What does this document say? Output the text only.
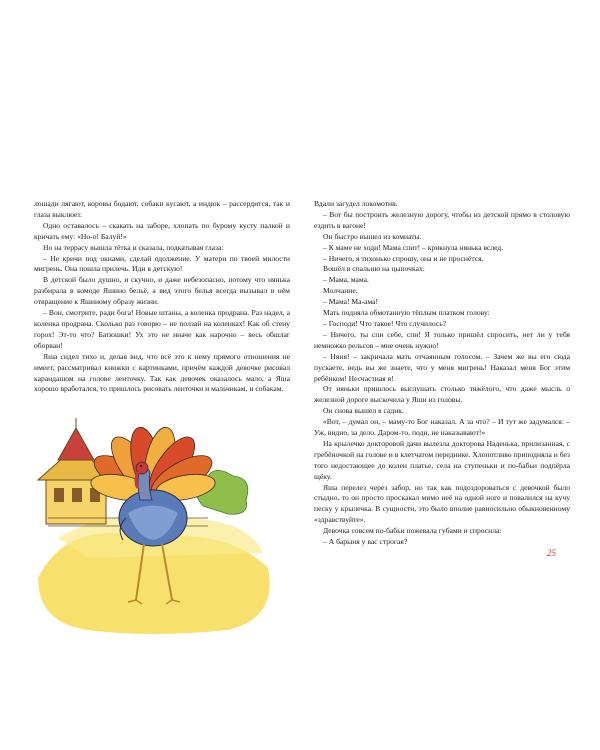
лошади лягают, коровы бодают, собаки кусают, а индюк – рассердится, так и глаза выклюет.

Одно оставалось – скакать на заборе, хлопать по бурому кусту палкой и кричать ему: «Но-о! Балуй!»

Но на террасу вышла тётка и сказала, подкатывая глаза:

– Не кричи под окнами, сделай одолжение. У матери по твоей милости мигрень. Она пошла прилечь. Иди в детскую!

В детской было душно, и скучно, и даже небезопасно, потому что нянька разбирала в комоде Яшино бельё, а вид этого белья всегда вызывал в нём отвращение к Яшиному образу жизни.

– Вон, смотрите, ради бога! Новые штаны, а коленка продрана. Раз надел, а коленка продрана. Сколько раз говорю – не ползай на коленках! Как об стену горох! Эт-то что? Батюшки! Ух это не иначе как нарочно – весь обшлаг оборван!

Яша сидел тихо и, делая вид, что всё это к нему прямого отношения не имеет, рассматривал книжки с картинками, причём каждой девочке рисовал карандашом на голове ленточку. Так как девочек оказалось мало, а Яша хорошо вработался, то пришлось рисовать ленточки и мальчикам, и собакам.

Вдали загудел локомотив.

– Вот бы построить железную дорогу, чтобы из детской прямо в столовую ездить в вагоне!

Он быстро вышел из комнаты.

– К маме не ходи! Мама спит! – крикнула нянька вслед.

– Ничего, я тихонько спрошу, она и не проснётся.

Вошёл в спальню на цыпочках:

– Мама, мама.

Молчание.

– Мама! Ма-ама!

Мать подняла обмотанную тёплым платком голову:

– Господи! Что такое! Что случилось?

– Ничего, ты спи себе, спи! Я только пришёл спросить, нет ли у тебя немножко рельсов – мне очень нужно!

– Няня! – закричала мать отчаянным голосом. – Зачем же вы его сюда пускаете, ведь вы же знаете, что у меня мигрень! Наказал меня Бог этим ребёнком! Несчастная я!

От няньки пришлось выслушать столько тяжёлого, что даже мысль о железной дороге выскочила у Яши из головы.

Он снова вышел в садик.

«Вот, – думал он, – маму-то Бог наказал. А за что? – И тут же задумался: – Уж, видно, за дело. Даром-то, поди, не наказывают!»

На крылечко докторовой дачи вылезла докторова Наденька, прилизанная, с гребёночкой на голове и в клетчатом переднике. Хлопотливо приподняла и без того недостающее до колен платье, села на ступеньки и по-бабьи подпёрла щёку.

Яша перелез через забор, но так как подоздороваться с девочкой было стыдно, то он просто проскакал мимо неё на одной ноге и повалился на кучу песку у крылечка. В сущности, это было вполне равносильно обыкновенному «здравствуйте».

Девочка совсем по-бабьи пожевала губами и спросила:

– А барыня у вас строгая?

25
